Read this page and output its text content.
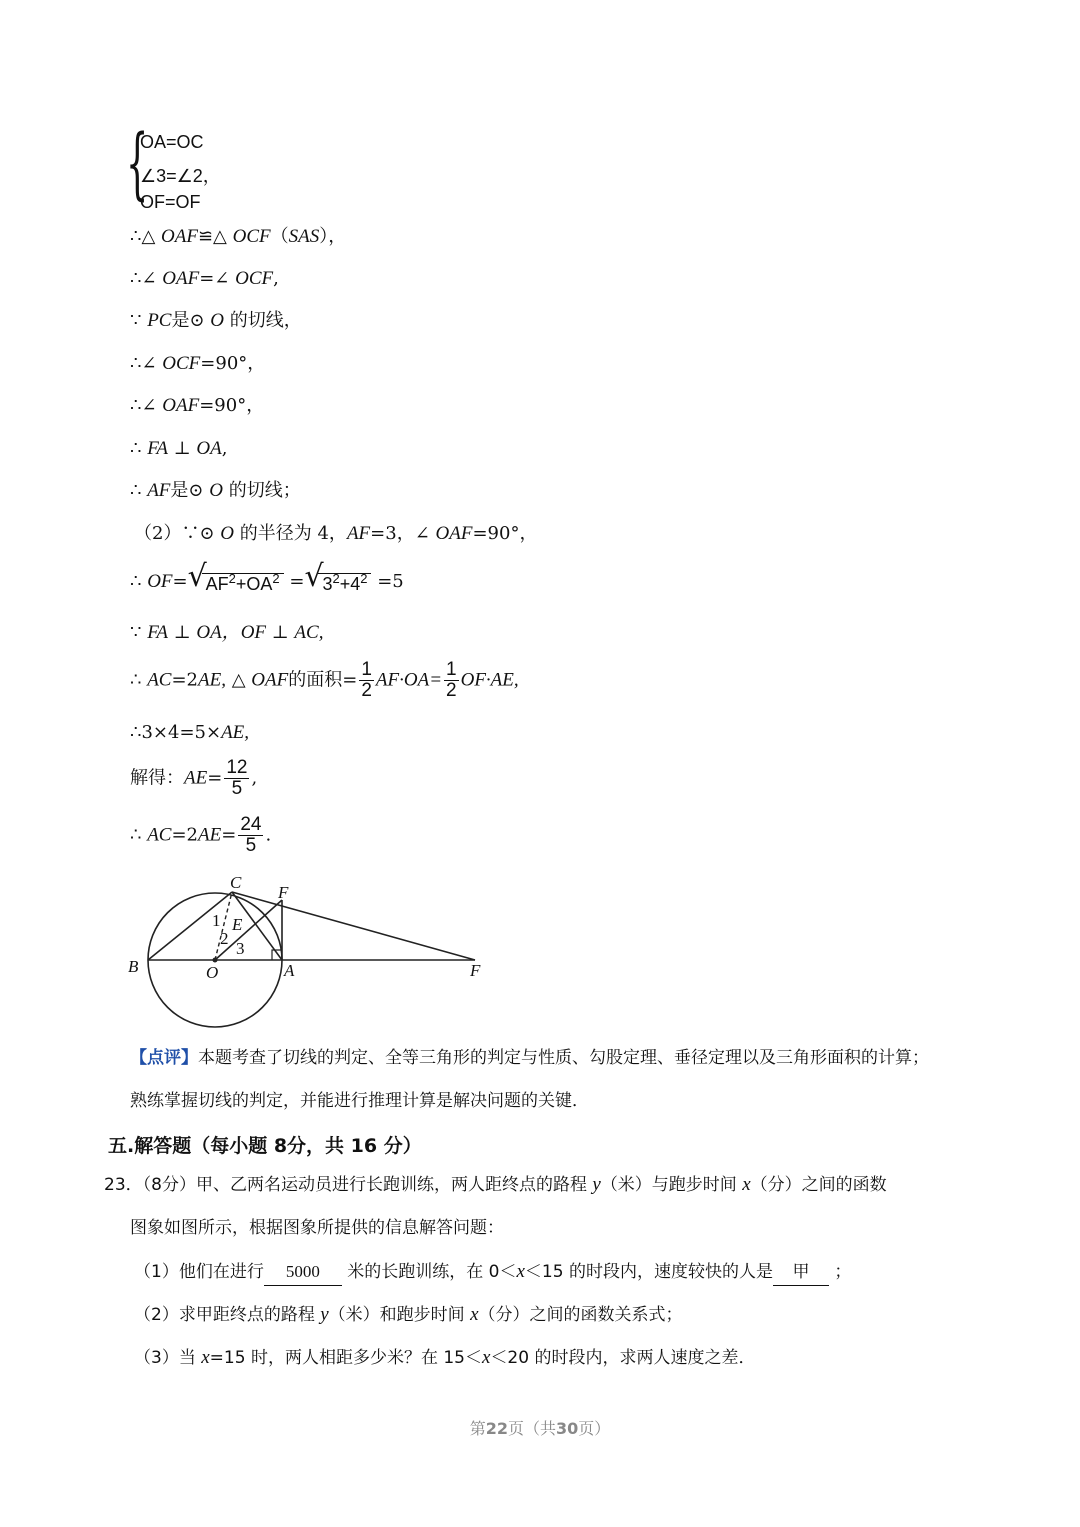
{
OA=OC
∠3=∠2，
OF=OF
∴△ OAF≌△ OCF（SAS），
∴∠ OAF=∠ OCF,
∵ PC是⊙ O 的切线，
∴∠ OCF=90°，
∴∠ OAF=90°，
∴ FA ⊥ OA,
∴ AF是⊙ O 的切线；
（2）∵⊙ O 的半径为 4，AF=3，∠ OAF=90°，
∴ OF= √
$AF^2+OA^2$ = √
$3^2+4^2 =5$
∵ FA ⊥ OA，OF ⊥ AC,
∴ AC=2AE, △ OAF的面积= $\frac{1}{2} AF\cdot OA= \frac{1}{2} OF\cdot AE$,
∴3×4=5×AE,
解得：$AE= \frac{12}{5}$ ,
∴ $AC=2AE= \frac{24}{5}$ .
C
F
1 E
2
3
B	O	A	F
【点评】本题考查了切线的判定、全等三角形的判定与性质、勾股定理、垂径定理以及三角形面积的计算；
熟练掌握切线的判定，并能进行推理计算是解决问题的关键．
五.解答题（每小题 8分，共 16 分）
23．（8分）甲、乙两名运动员进行长跑训练，两人距终点的路程 y（米）与跑步时间 x（分）之间的函数
图象如图所示，根据图象所提供的信息解答问题：
（1）他们在进行 5000 米的长跑训练，在 0＜x＜15 的时段内，速度较快的人是 甲 ；
（2）求甲距终点的路程 y（米）和跑步时间 x（分）之间的函数关系式；
（3）当 x=15 时，两人相距多少米？在 15＜x＜20 的时段内，求两人速度之差．
第22页（共30页）
